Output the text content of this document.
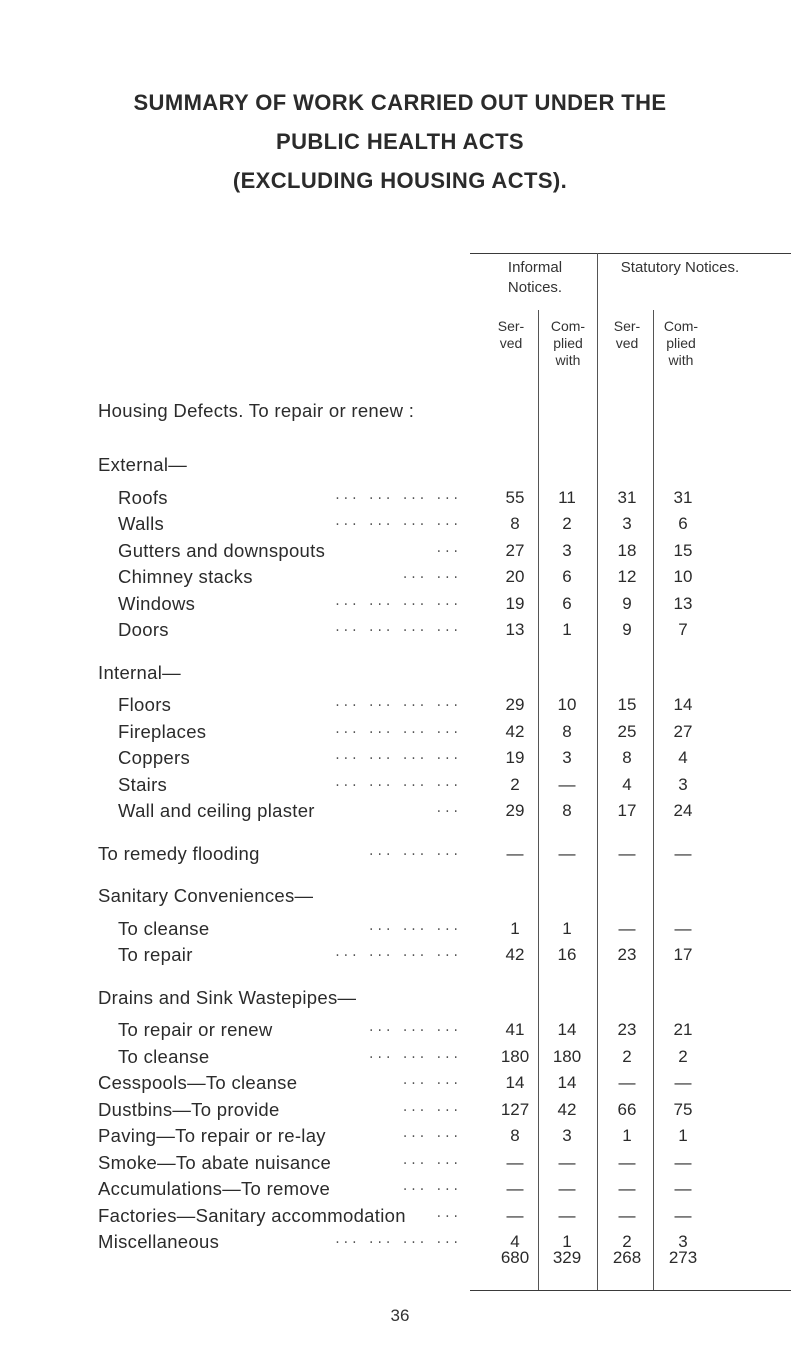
SUMMARY OF WORK CARRIED OUT UNDER THE
PUBLIC HEALTH ACTS
(EXCLUDING HOUSING ACTS).
Informal Notices.
Statutory Notices.
Ser- ved
Com- plied with
Ser- ved
Com- plied with
Housing Defects. To repair or renew :
External—
Roofs	... ... ... ...	55	11	31	31
Walls	... ... ... ...	8	2	3	6
Gutters and downspouts	...	27	3	18	15
Chimney stacks	... ...	20	6	12	10
Windows	... ... ... ...	19	6	9	13
Doors	... ... ... ...	13	1	9	7
Internal—
Floors	... ... ... ...	29	10	15	14
Fireplaces	... ... ... ...	42	8	25	27
Coppers	... ... ... ...	19	3	8	4
Stairs	... ... ... ...	2	—	4	3
Wall and ceiling plaster	...	29	8	17	24
To remedy flooding	... ... ...	—	—	—	—
Sanitary Conveniences—
To cleanse	... ... ...	1	1	—	—
To repair	... ... ... ...	42	16	23	17
Drains and Sink Wastepipes—
To repair or renew	... ... ...	41	14	23	21
To cleanse	... ... ...	180	180	2	2
Cesspools—To cleanse	... ...	14	14	—	—
Dustbins—To provide	... ...	127	42	66	75
Paving—To repair or re-lay	... ...	8	3	1	1
Smoke—To abate nuisance	... ...	—	—	—	—
Accumulations—To remove	... ...	—	—	—	—
Factories—Sanitary accommodation ...	—	—	—	—
Miscellaneous	... ... ... ...	4	1	2	3
680	329	268	273
36
